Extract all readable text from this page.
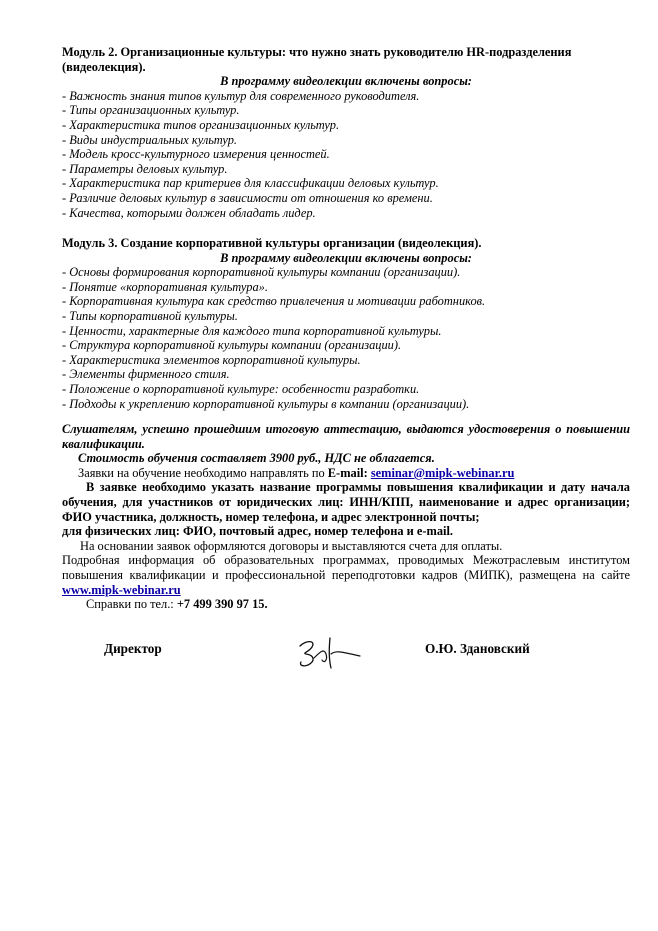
Модуль 2. Организационные культуры: что нужно знать руководителю HR-подразделения (видеолекция).

В программу видеолекции включены вопросы:

- Важность знания типов культур для современного руководителя.
- Типы организационных культур.
- Характеристика типов организационных культур.
- Виды индустриальных культур.
- Модель кросс-культурного измерения ценностей.
- Параметры деловых культур.
- Характеристика пар критериев для классификации деловых культур.
- Различие деловых культур в зависимости от отношения ко времени.
- Качества, которыми должен обладать лидер.

Модуль 3. Создание корпоративной культуры организации (видеолекция).

В программу видеолекции включены вопросы:

- Основы формирования корпоративной культуры компании (организации).
- Понятие «корпоративная культура».
- Корпоративная культура как средство привлечения и мотивации работников.
- Типы корпоративной культуры.
- Ценности, характерные для каждого типа корпоративной культуры.
- Структура корпоративной культуры компании (организации).
- Характеристика элементов корпоративной культуры.
- Элементы фирменного стиля.
- Положение о корпоративной культуре: особенности разработки.
- Подходы к укреплению корпоративной культуры в компании (организации).

Слушателям, успешно прошедшим итоговую аттестацию, выдаются удостоверения о повышении квалификации.

Стоимость обучения составляет 3900 руб., НДС не облагается.

Заявки на обучение необходимо направлять по E-mail: seminar@mipk-webinar.ru

В заявке необходимо указать название программы повышения квалификации и дату начала обучения, для участников от юридических лиц: ИНН/КПП, наименование и адрес организации; ФИО участника, должность, номер телефона, и адрес электронной почты;

для физических лиц: ФИО, почтовый адрес, номер телефона и e-mail.

На основании заявок оформляются договоры и выставляются счета для оплаты.

Подробная информация об образовательных программах, проводимых Межотраслевым институтом повышения квалификации и профессиональной переподготовки кадров (МИПК), размещена на сайте www.mipk-webinar.ru

Справки по тел.: +7 499 390 97 15.

Директор	О.Ю. Здановский
